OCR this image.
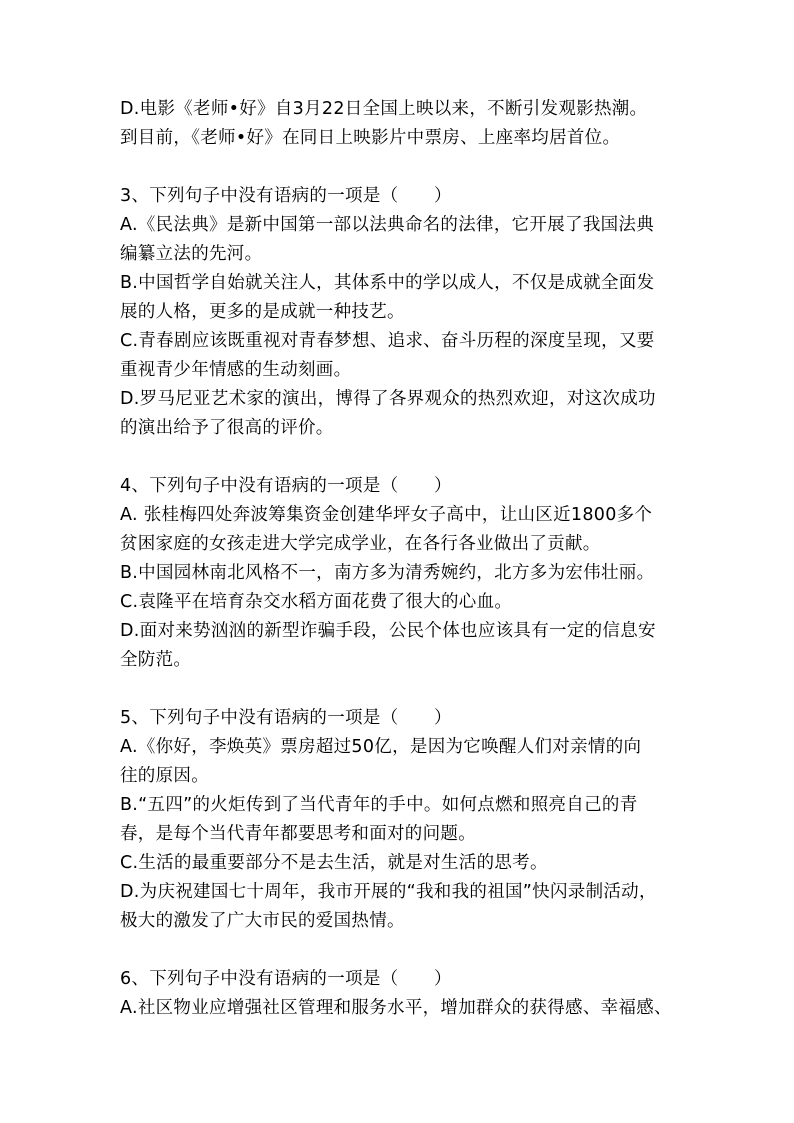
D.电影《老师•好》自3月22日全国上映以来，不断引发观影热潮。
到目前，《老师•好》在同日上映影片中票房、上座率均居首位。
3、下列句子中没有语病的一项是（　　）
A.《民法典》是新中国第一部以法典命名的法律，它开展了我国法典
编纂立法的先河。
B.中国哲学自始就关注人，其体系中的学以成人，不仅是成就全面发
展的人格，更多的是成就一种技艺。
C.青春剧应该既重视对青春梦想、追求、奋斗历程的深度呈现，又要
重视青少年情感的生动刻画。
D.罗马尼亚艺术家的演出，博得了各界观众的热烈欢迎，对这次成功
的演出给予了很高的评价。
4、下列句子中没有语病的一项是（　　）
A. 张桂梅四处奔波筹集资金创建华坪女子高中，让山区近1800多个
贫困家庭的女孩走进大学完成学业，在各行各业做出了贡献。
B.中国园林南北风格不一，南方多为清秀婉约，北方多为宏伟壮丽。
C.袁隆平在培育杂交水稻方面花费了很大的心血。
D.面对来势汹汹的新型诈骗手段，公民个体也应该具有一定的信息安
全防范。
5、下列句子中没有语病的一项是（　　）
A.《你好，李焕英》票房超过50亿，是因为它唤醒人们对亲情的向
往的原因。
B.“五四”的火炬传到了当代青年的手中。如何点燃和照亮自己的青
春，是每个当代青年都要思考和面对的问题。
C.生活的最重要部分不是去生活，就是对生活的思考。
D.为庆祝建国七十周年，我市开展的“我和我的祖国”快闪录制活动，
极大的激发了广大市民的爱国热情。
6、下列句子中没有语病的一项是（　　）
A.社区物业应增强社区管理和服务水平，增加群众的获得感、幸福感、
